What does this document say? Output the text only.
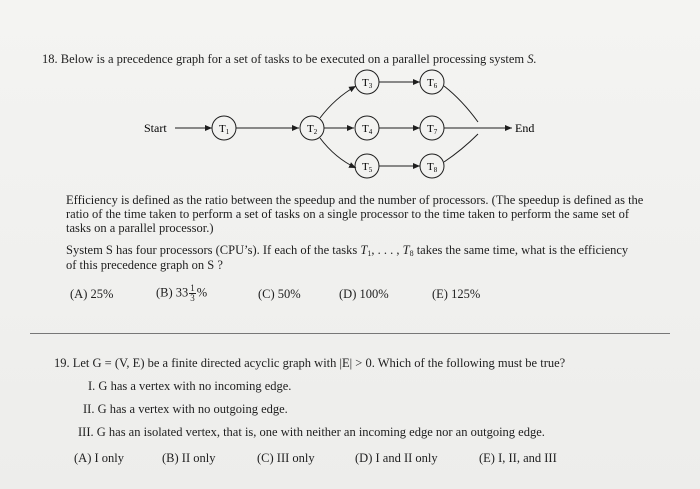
18. Below is a precedence graph for a set of tasks to be executed on a parallel processing system S.
Start	End
T1	T2
T3
T4
T5
T6
T7
T8
Efficiency is defined as the ratio between the speedup and the number of processors. (The speedup is defined as the ratio of the time taken to perform a set of tasks on a single processor to the time taken to perform the same set of tasks on a parallel processor.)
System S has four processors (CPU’s). If each of the tasks $T_1$, . . . , $T_8$ takes the same time, what is the efficiency
of this precedence graph on S ?
(A) 25%	(B) $33 \frac{1}{3}$ %	(C) 50%	(D) 100%	(E) 125%
19. Let G = (V, E) be a finite directed acyclic graph with |E| > 0. Which of the following must be true?
I. G has a vertex with no incoming edge.
II. G has a vertex with no outgoing edge.
III. G has an isolated vertex, that is, one with neither an incoming edge nor an outgoing edge.
(A) I only	(B) II only	(C) III only	(D) I and II only	(E) I, II, and III
